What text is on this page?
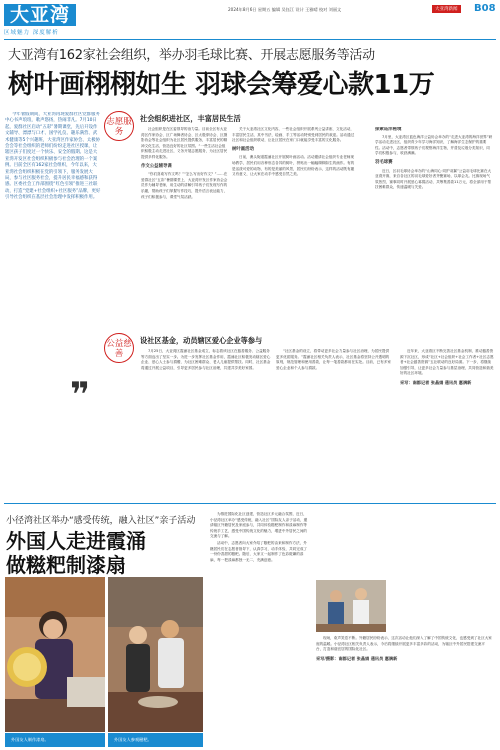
大亚湾
区域魅力 深度解析
2024年8月6日 星期五 编辑 吴钰江 设计 王雅晴 校对 刘丽文	大亚湾新闻	B08
大亚湾有162家社会组织，举办羽毛球比赛、开展志愿服务等活动
树叶画栩栩如生 羽球会筹爱心款11万

今年暑假期间，大亚湾再现爱群社区党群服务中心书声琅琅，歌声悠扬，热闹非凡。7月10日起，爱群社区启动“五彩”暑期课堂，先后开设作文辅导、漂漂与口才、国学礼仪、趣乐满营、武术健康等5个兴趣班，大亚湾区作家协会、太极协会会等社会组织的老师们纷纷走进社区授课，让辖区孩子们度过一个快乐、安全的假期。这是大亚湾开发区社会组织积极参与社会治理的一个案例。目前全区有162家社会组织，今年以来，大亚湾社会组织积极在党的引领下，服务发展大局，参与社区服务社会，提升居民幸福感和获得感。区委社会工作部围绕“红色引领”推进三社联动，打造“党建+社会组织+社区服务”品牌，更好引导社会组织在基层社会治理中发挥积极作用。

❞
志愿服务
社会组织进社区，丰富居民生活

社会组织是在区委领导的治力量。目前全区有大亚湾区作家协会、区广场舞者协会、区太极拳协会、区摄影协会等社会组织为社区居民提供服务，丰富居民的精神文化生活，营造良好的社区氛围。“一些生活社会组织积极主动走进社区，义务开展志愿服务，为社区居民提供多样化服务。

作文公益辅导课

“你们喜欢写作文吗？”“怎么写出好作文？”……在爱群社区“五彩”暑期课堂上，大亚湾开发区作家协会会员作为辅导老师，用生动的讲解引导孩子们发现写作的乐趣，帮助孩子们掌握写作技巧，提升语言表达能力，孩子们积极参与，课堂气氛活跃。

关于大亚湾社区文化内容，一些社会组织开展系列公益讲座、文化活动，丰富居民生活，其中书法、绘画、手工等活动特别受到居民的欢迎。活动通过社区和社会组织联动，让社区居民在家门口就能享受丰富的文化服务。

树叶画活动

日前，澳头街道霞涌社区开展树叶画活动。活动邀请社会组织专业老师现场教学，居民们用各种形态各异的树叶，拼贴出一幅幅栩栩如生的画作。有的是活泼可爱的动物，有的是美丽的风景，居民们纷纷表示，这样的活动既有趣又有意义，让大家在动手中感受自然之美。

探索岛洋秘境

7月里，大亚湾区蓝色海洋公益协会举办的“走进大亚湾的海洋世界”研学活动走进社区，组织青少年学习海洋知识，了解海洋生态保护的重要性。活动中，志愿者带领孩子们观察海洋生物，并普及垃圾分类知识，同学们积极参与，收获满满。

羽毛球赛

近日，区羽毛球协会举办的“山海同心·同护羽翼”公益羽毛球比赛在大亚湾开赛，来自各社区的羽毛球爱好者齐聚赛场，以球会友。比赛现场气氛热烈，赛事同时开展爱心募捐活动，共筹集善款11万元，将全部用于帮扶困难群众，传递温暖与关爱。

公益慈善
设社区基金，动员辖区爱心企业等参与

7月25日，大亚湾区霞涌社区基金成立，标志着该社区在慈善服务、公益服务等方面迈出了坚实一步。为进一步发挥社区基金作用，霞涌社区积极发动辖区爱心企业、爱心人士参与捐赠，为社区困难群众、老人儿童提供帮扶。同时，社区基金将通过开展公益项目，引导更多居民参与社区治理，共建共享美好家园。

“社区基金的设立，将带动更多社会力量参与社区治理，为居民提供更多优质服务。”霞涌社区相关负责人表示，社区基金将坚持公开透明的原则，规范管理和使用善款，让每一笔善款都用在实处。目前，已有多家爱心企业和个人参与捐款。

近年来，大亚湾区不断完善社区基金机制，推动慈善资源下沉社区，形成“社区+社会组织+社会工作者+社区志愿者+社会慈善资源”五社联动的良好局面。下一步，将继续加强引导，让更多社会力量参与基层治理，共同营造和谐美好的社区环境。

采写：南都记者 张晶娟 通讯员 惠满新

小径湾社区举办“感受传统，融入社区”亲子活动
外国人走进霞涌
做糍粑制漆扇
外国友人制作漆扇。	外国友人参观糍粑。

为推进国际化社区创建，营造社区多元融合氛围，近日，小径湾社区举办“感受传统，融入社区”国际友人亲子活动，邀请辖区外籍居民及家庭参与，共同体验糍粑制作和漆扇制作等传统手工艺，感受中国传统文化的魅力，增进中外居民之间的交流与了解。

活动中，志愿者向大家介绍了糍粑的由来和制作方法，外籍居民们在志愿者指导下，认真学习，动手体验，共同完成了一份份香甜的糍粑。随后，大家又一起制作了色彩斑斓的漆扇，每一把漆扇都独一无二，充满创意。

现场，欢声笑语不断。外籍居民纷纷表示，这次活动让他们深入了解了中国传统文化，也感受到了社区大家庭的温暖。小径湾社区相关负责人表示，今后将继续开展更多丰富多彩的活动，为辖区中外居民搭建交流平台，打造和谐宜居的国际化社区。

采写/摄影：南都记者 张晶娟 通讯员 惠满新
